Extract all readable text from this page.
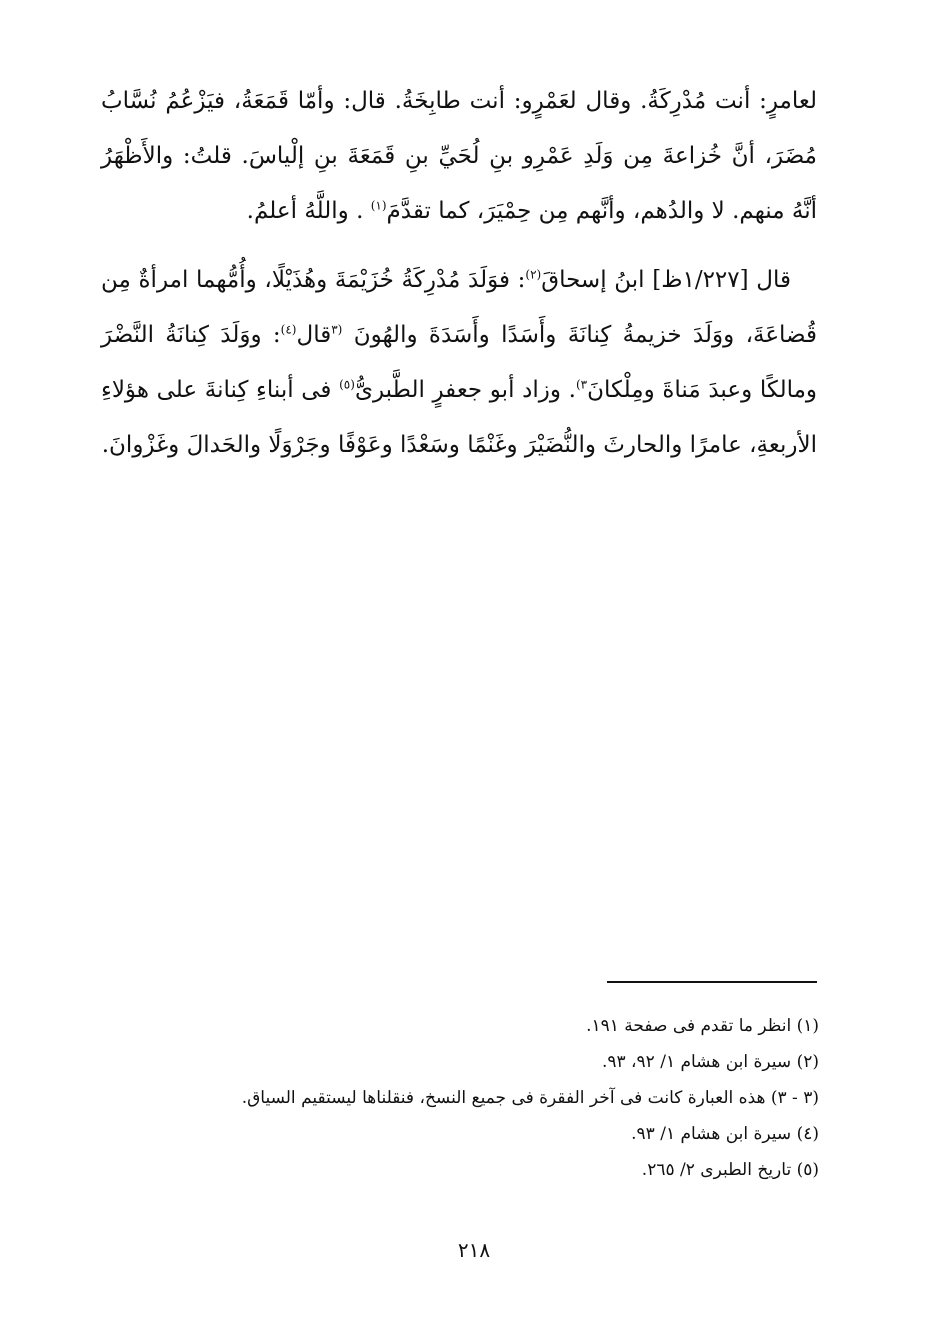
لعامرٍ: أنت مُدْرِكَةُ. وقال لعَمْرٍو: أنت طابِخَةُ. قال: وأمّا قَمَعَةُ، فيَزْعُمُ نُسَّابُ مُضَرَ، أنَّ خُزاعةَ مِن وَلَدِ عَمْرِو بنِ لُحَيِّ بنِ قَمَعَةَ بنِ إلْياسَ. قلتُ: والأَظْهَرُ أنَّهُ منهم. لا والدُهم، وأنَّهم مِن حِمْيَرَ، كما تقدَّمَ$^{(١)}$ . واللَّهُ أعلمُ.

قال [١/٢٢٧ظ] ابنُ إسحاقَ$^{(٢)}$: فوَلَدَ مُدْرِكَةُ خُزَيْمَةَ وهُذَيْلًا، وأُمُّهما امرأةٌ مِن قُضاعَةَ، ووَلَدَ خزيمةُ كِنانَةَ وأَسَدًا وأَسَدَةَ والهُونَ $^{(٣}$قال$^{(٤)}$: ووَلَدَ كِنانَةُ النَّضْرَ ومالكًا وعبدَ مَناةَ ومِلْكانَ$^{٣)}$. وزاد أبو جعفرٍ الطَّبرىُّ$^{(٥)}$ فى أبناءِ كِنانةَ على هؤلاءِ الأربعةِ، عامرًا والحارثَ والنُّضَيْرَ وغَنْمًا وسَعْدًا وعَوْفًا وجَرْوَلًا والحَدالَ وغَزْوانَ.

(١) انظر ما تقدم فى صفحة ١٩١.
(٢) سيرة ابن هشام ١/ ٩٢، ٩٣.
(٣ - ٣) هذه العبارة كانت فى آخر الفقرة فى جميع النسخ، فنقلناها ليستقيم السياق.
(٤) سيرة ابن هشام ١/ ٩٣.
(٥) تاريخ الطبرى ٢/ ٢٦٥.
٢١٨
